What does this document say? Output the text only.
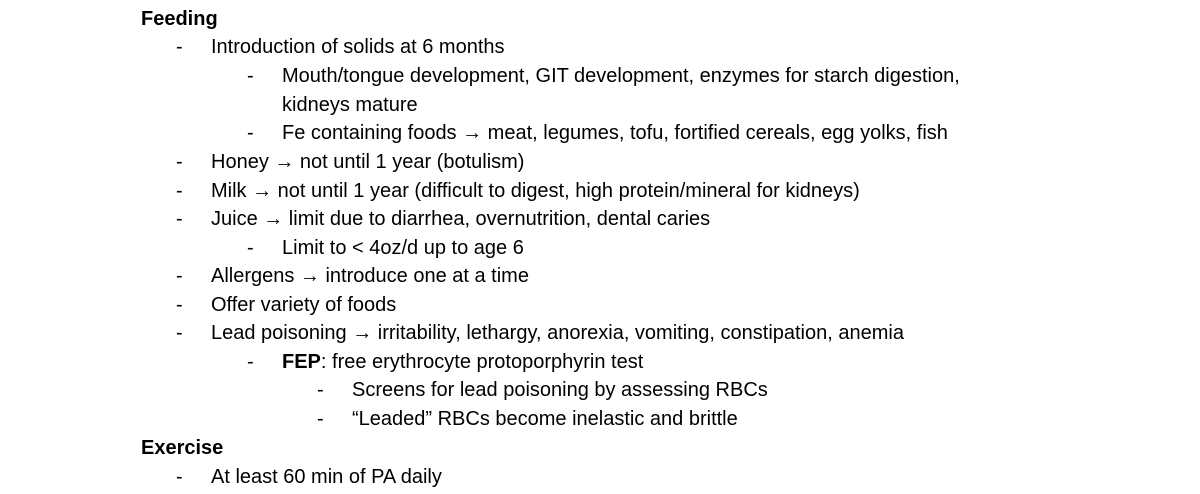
Feeding
- Introduction of solids at 6 months
- Mouth/tongue development, GIT development, enzymes for starch digestion,
kidneys mature
- Fe containing foods → meat, legumes, tofu, fortified cereals, egg yolks, fish
- Honey → not until 1 year (botulism)
- Milk → not until 1 year (difficult to digest, high protein/mineral for kidneys)
- Juice → limit due to diarrhea, overnutrition, dental caries
- Limit to < 4oz/d up to age 6
- Allergens → introduce one at a time
- Offer variety of foods
- Lead poisoning → irritability, lethargy, anorexia, vomiting, constipation, anemia
- FEP: free erythrocyte protoporphyrin test
- Screens for lead poisoning by assessing RBCs
- “Leaded” RBCs become inelastic and brittle
Exercise
- At least 60 min of PA daily
